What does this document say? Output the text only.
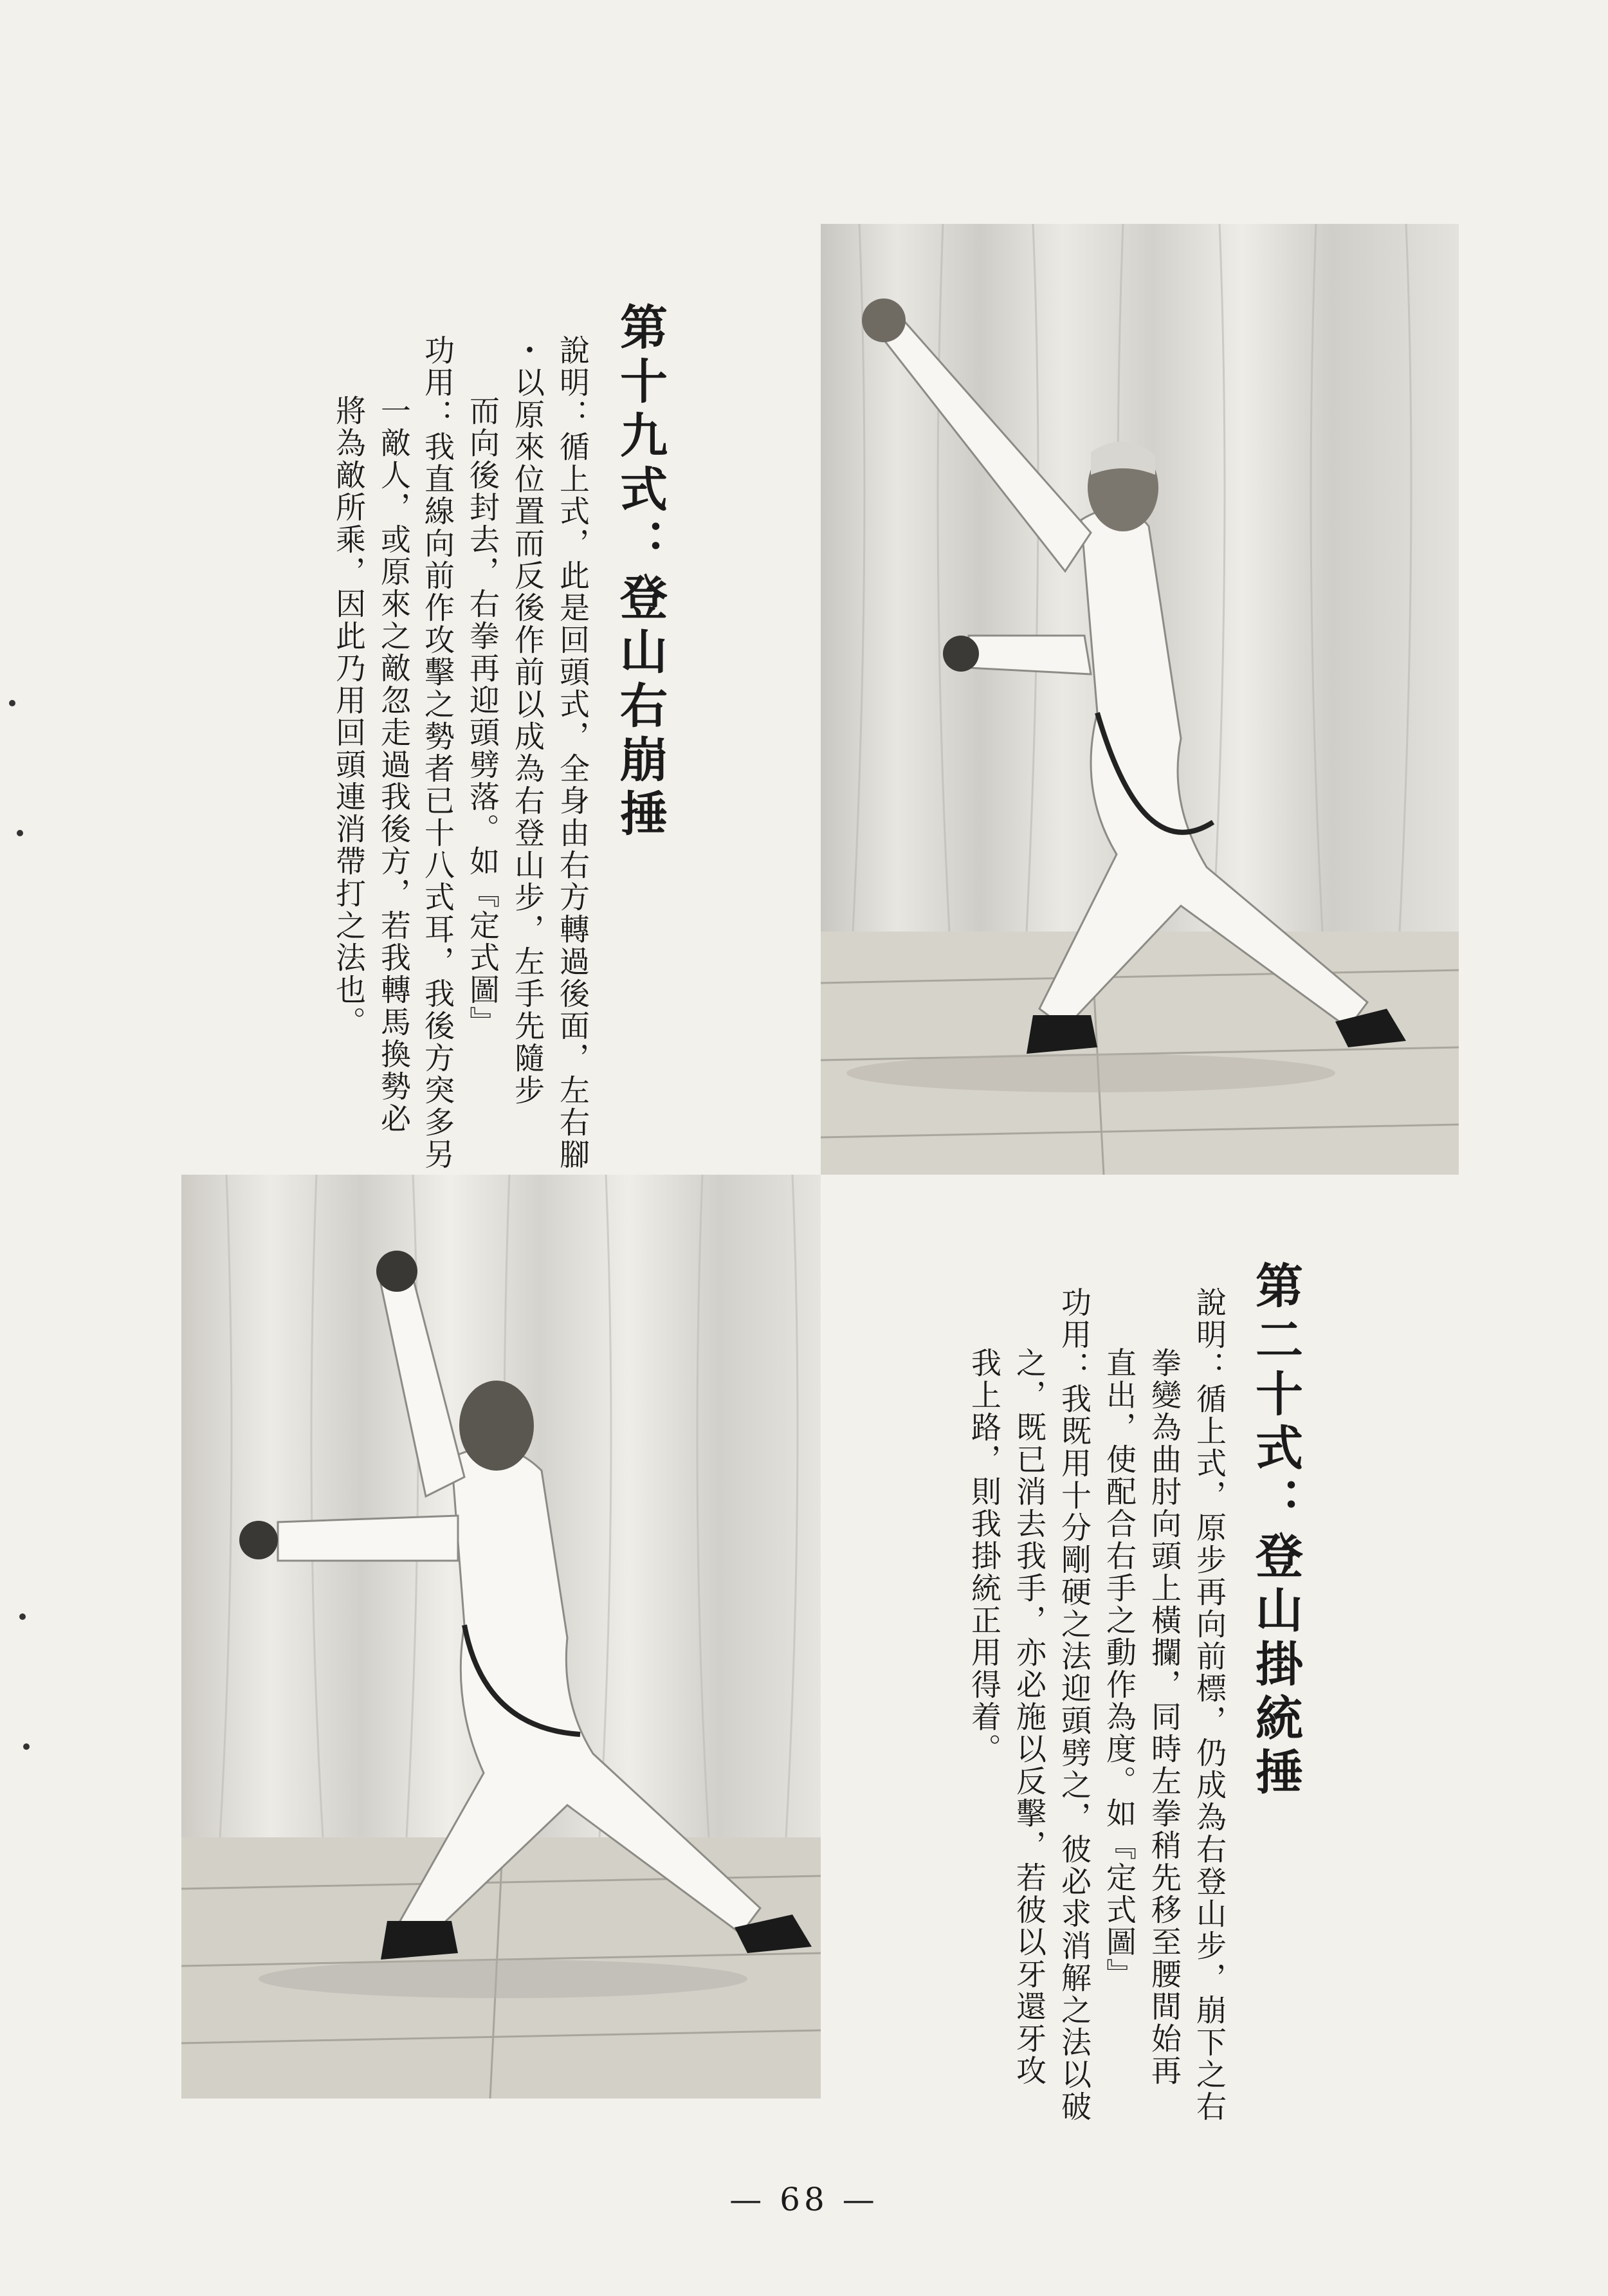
第十九式：登山右崩捶
說明：循上式，此是回頭式，全身由右方轉過後面，左右腳
・以原來位置而反後作前以成為右登山步，左手先隨步
而向後封去，右拳再迎頭劈落。如『定式圖』
功用：我直線向前作攻擊之勢者已十八式耳，我後方突多另
一敵人，或原來之敵忽走過我後方，若我轉馬換勢必
將為敵所乘，因此乃用回頭連消帶打之法也。
第二十式：登山掛統捶
說明：循上式，原步再向前標，仍成為右登山步，崩下之右
拳變為曲肘向頭上橫攔，同時左拳稍先移至腰間始再
直出，使配合右手之動作為度。如『定式圖』
功用：我既用十分剛硬之法迎頭劈之，彼必求消解之法以破
之，既已消去我手，亦必施以反擊，若彼以牙還牙攻
我上路，則我掛統正用得着。
— 68 —
